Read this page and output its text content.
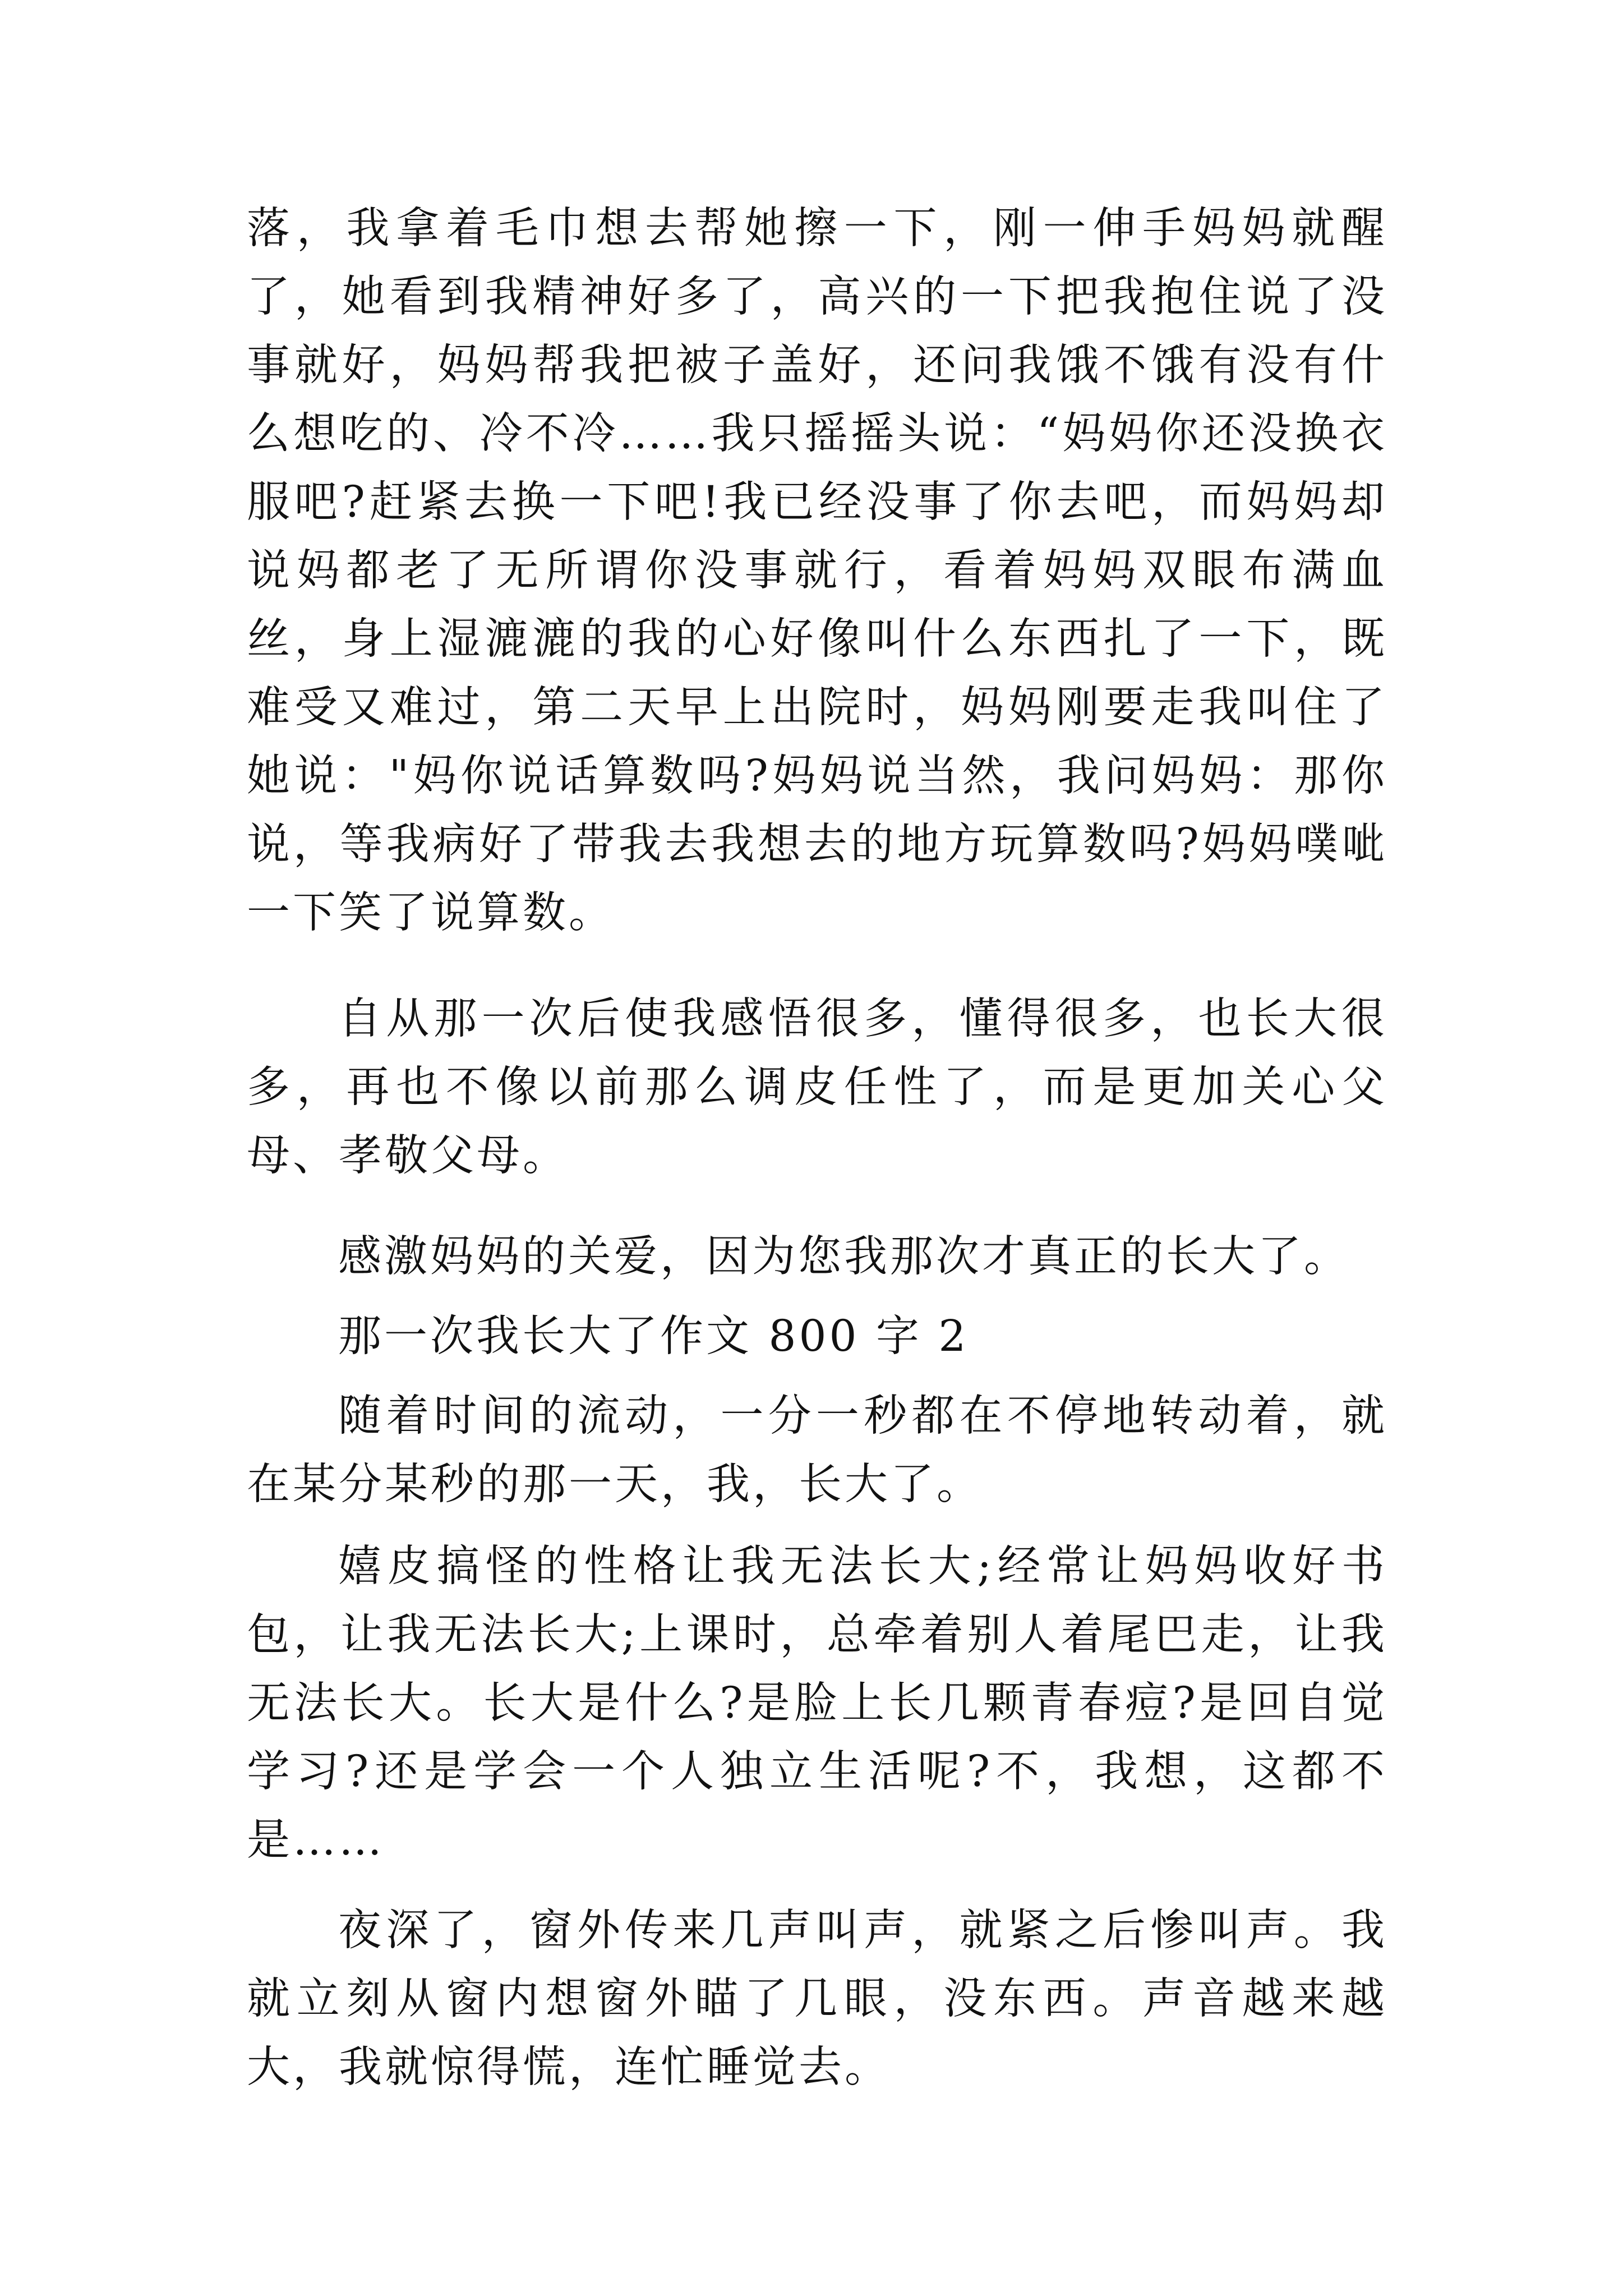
落，我拿着毛巾想去帮她擦一下，刚一伸手妈妈就醒了，她看到我精神好多了，高兴的一下把我抱住说了没事就好，妈妈帮我把被子盖好，还问我饿不饿有没有什么想吃的、冷不冷……我只摇摇头说：“妈妈你还没换衣服吧?赶紧去换一下吧!我已经没事了你去吧，而妈妈却说妈都老了无所谓你没事就行，看着妈妈双眼布满血丝，身上湿漉漉的我的心好像叫什么东西扎了一下，既难受又难过，第二天早上出院时，妈妈刚要走我叫住了她说："妈你说话算数吗?妈妈说当然，我问妈妈：那你说，等我病好了带我去我想去的地方玩算数吗?妈妈噗呲一下笑了说算数。

自从那一次后使我感悟很多，懂得很多，也长大很多，再也不像以前那么调皮任性了，而是更加关心父母、孝敬父母。

感激妈妈的关爱，因为您我那次才真正的长大了。

那一次我长大了作文 800 字 2

随着时间的流动，一分一秒都在不停地转动着，就在某分某秒的那一天，我，长大了。

嬉皮搞怪的性格让我无法长大;经常让妈妈收好书包，让我无法长大;上课时，总牵着别人着尾巴走，让我无法长大。长大是什么?是脸上长几颗青春痘?是回自觉学习?还是学会一个人独立生活呢?不，我想，这都不是……

夜深了，窗外传来几声叫声，就紧之后惨叫声。我就立刻从窗内想窗外瞄了几眼，没东西。声音越来越大，我就惊得慌，连忙睡觉去。
